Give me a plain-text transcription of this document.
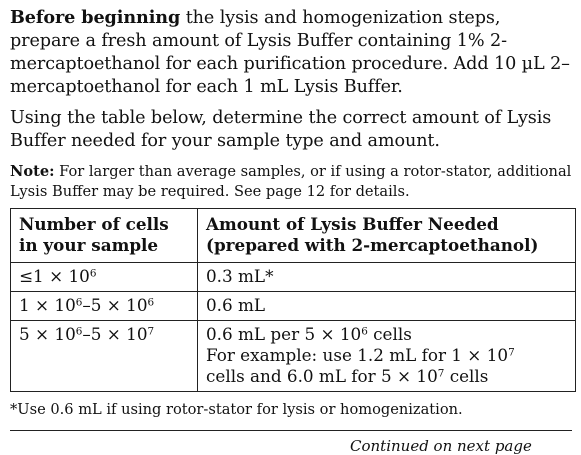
Before beginning the lysis and homogenization steps, prepare a fresh amount of Lysis Buffer containing 1% 2-mercaptoethanol for each purification procedure. Add 10 µL 2–mercaptoethanol for each 1 mL Lysis Buffer.

Using the table below, determine the correct amount of Lysis Buffer needed for your sample type and amount.

Note: For larger than average samples, or if using a rotor-stator, additional Lysis Buffer may be required. See page 12 for details.

Number of cells in your sample	Amount of Lysis Buffer Needed (prepared with 2-mercaptoethanol)
$\le 1 \times 10^6$	0.3 mL*
$1 \times 10^6-5 \times 10^6$	0.6 mL
$5 \times 10^6-5 \times 10^7$	0.6 mL per $5 \times 10^6$ cells
For example: use 1.2 mL for $1 \times 10^7$
cells and 6.0 mL for $5 \times 10^7$ cells

*Use 0.6 mL if using rotor-stator for lysis or homogenization.

Continued on next page
